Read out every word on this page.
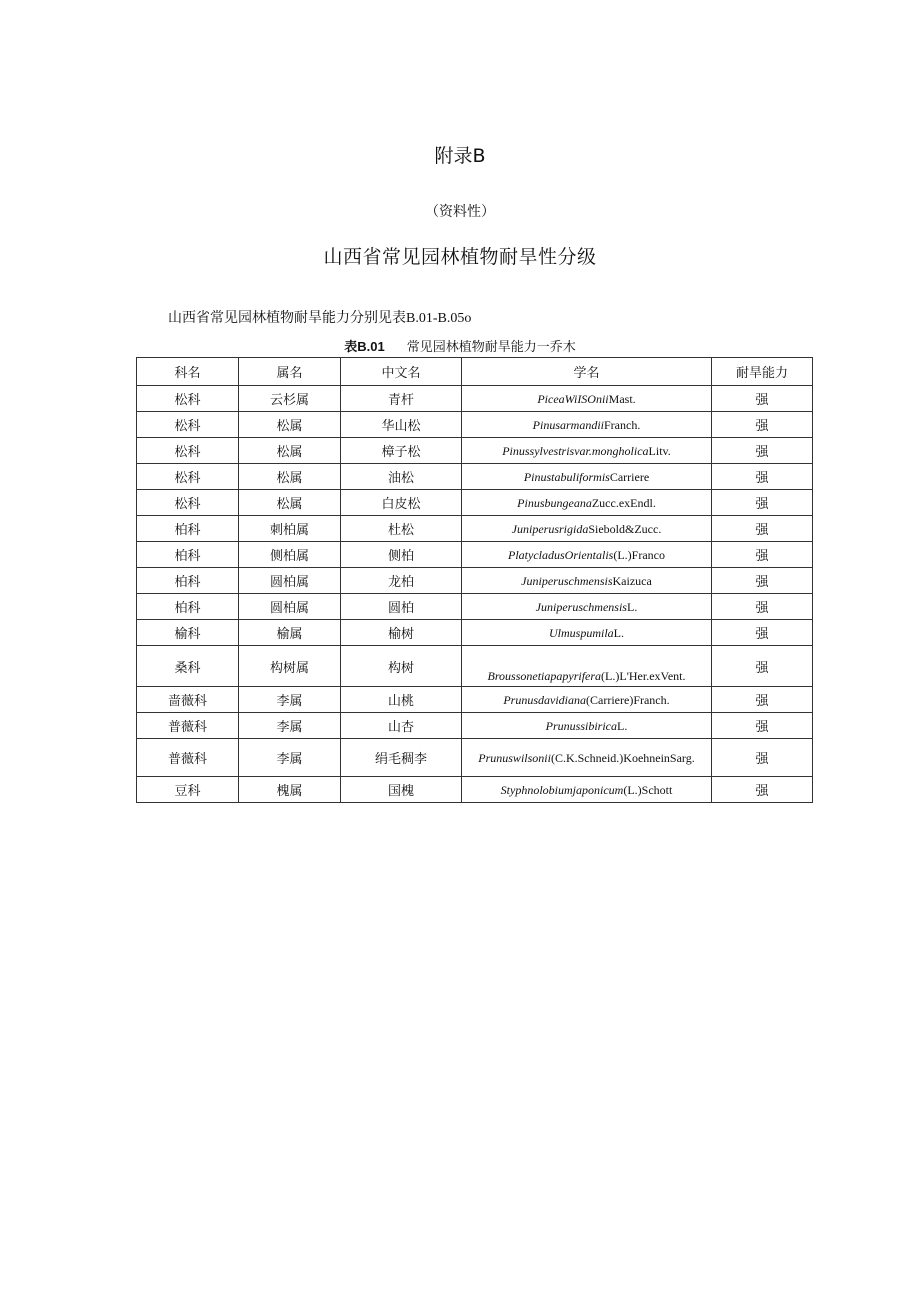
附录B
（资料性）
山西省常见园林植物耐旱性分级
山西省常见园林植物耐旱能力分别见表B.01-B.05o
表B.01 常见园林植物耐旱能力一乔木
科名	属名	中文名	学名	耐旱能力
松科	云杉属	青杆	PiceaWiISOniiMast.	强
松科	松属	华山松	PinusarmandiiFranch.	强
松科	松属	樟子松	Pinussylvestrisvar.mongholicaLitv.	强
松科	松属	油松	PinustabuliformisCarriere	强
松科	松属	白皮松	PinusbungeanaZucc.exEndl.	强
柏科	刺柏属	杜松	JuniperusrigidaSiebold&Zucc.	强
柏科	侧柏属	侧柏	PlatycladusOrientalis(L.)Franco	强
柏科	圆柏属	龙柏	JuniperuschmensisKaizuca	强
柏科	圆柏属	圆柏	JuniperuschmensisL.	强
榆科	榆属	榆树	UlmuspumilaL.	强
桑科	构树属	构树	Broussonetiapapyrifera(L.)L'Her.exVent.	强
啬薇科	李属	山桃	Prunusdavidiana(Carriere)Franch.	强
普薇科	李属	山杏	PrunussibiricaL.	强
普薇科	李属	绢毛稠李	Prunuswilsonii(C.K.Schneid.)KoehneinSarg.	强
豆科	槐属	国槐	Styphnolobiumjaponicum(L.)Schott	强
